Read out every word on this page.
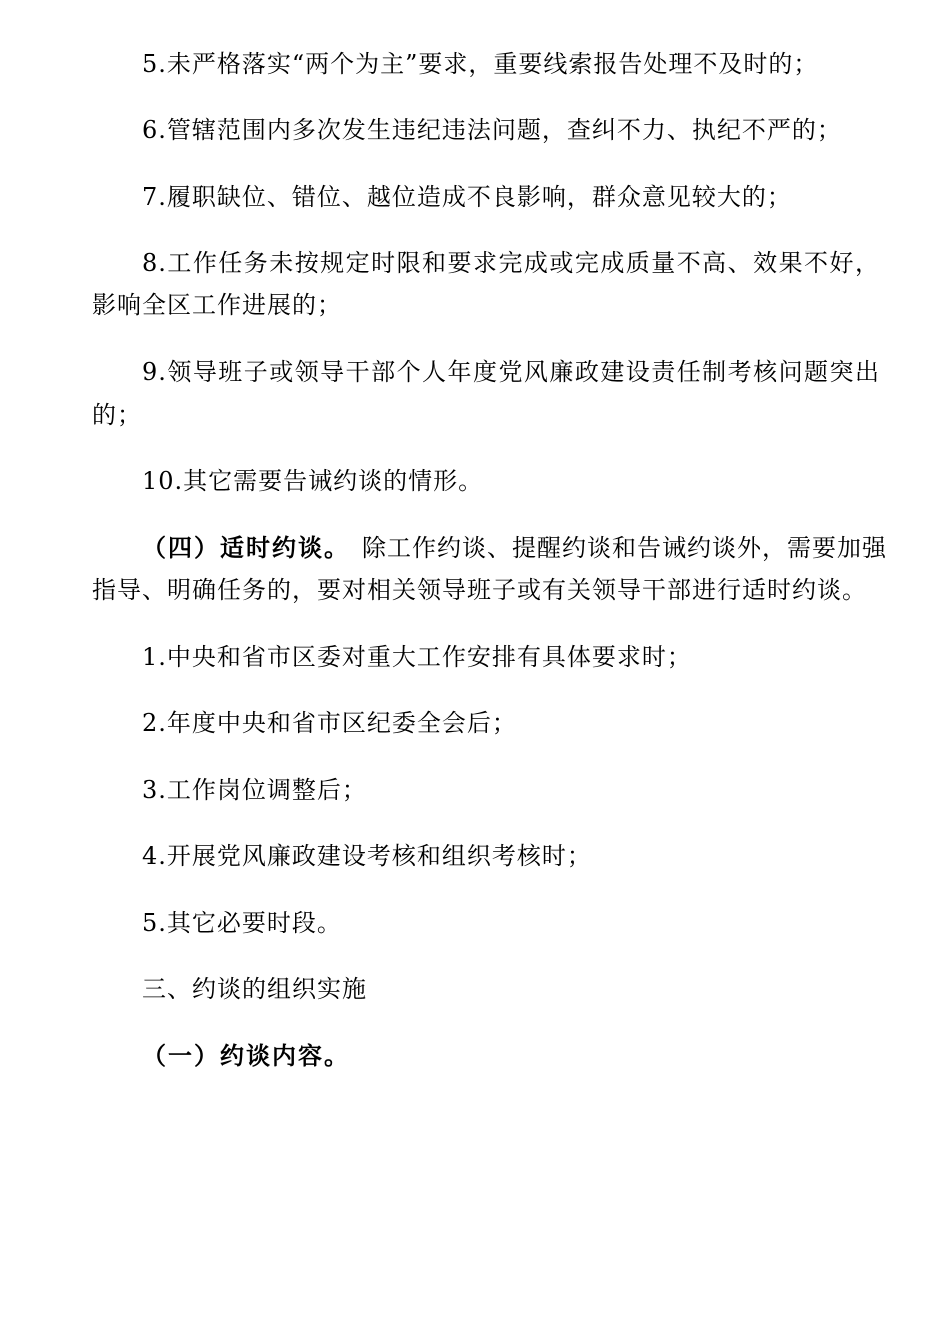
5.未严格落实“两个为主”要求，重要线索报告处理不及时的；
6.管辖范围内多次发生违纪违法问题，查纠不力、执纪不严的；
7.履职缺位、错位、越位造成不良影响，群众意见较大的；
8.工作任务未按规定时限和要求完成或完成质量不高、效果不好，
影响全区工作进展的；
9.领导班子或领导干部个人年度党风廉政建设责任制考核问题突出
的；
10.其它需要告诫约谈的情形。
（四）适时约谈。 除工作约谈、提醒约谈和告诫约谈外，需要加强
指导、明确任务的，要对相关领导班子或有关领导干部进行适时约谈。
1.中央和省市区委对重大工作安排有具体要求时；
2.年度中央和省市区纪委全会后；
3.工作岗位调整后；
4.开展党风廉政建设考核和组织考核时；
5.其它必要时段。
三、约谈的组织实施
（一）约谈内容。
